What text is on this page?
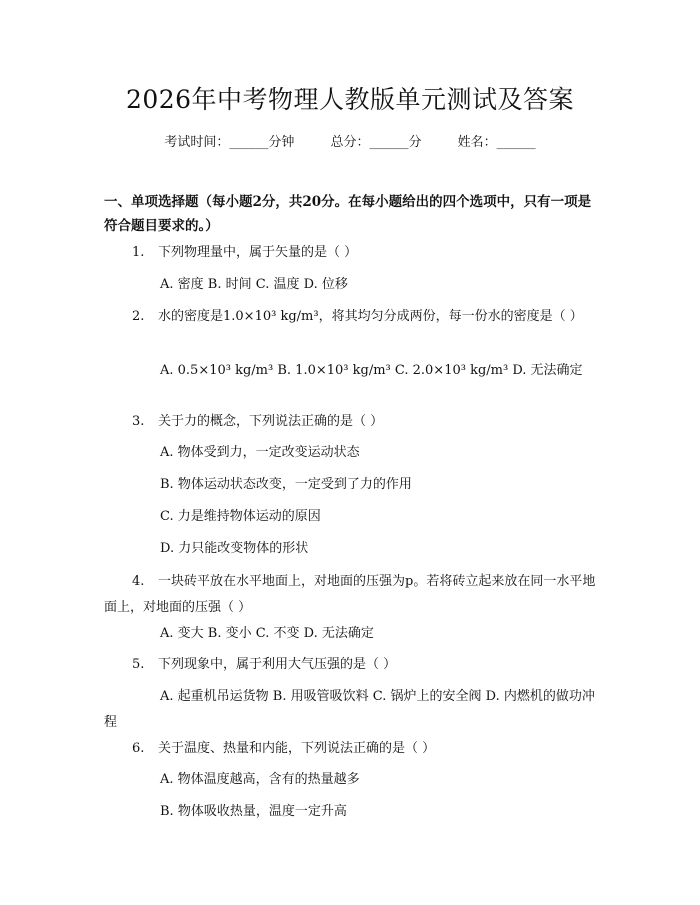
2026年中考物理人教版单元测试及答案
考试时间：______分钟	总分：______分	姓名：______
一、单项选择题（每小题2分，共20分。在每小题给出的四个选项中，只有一项是符合题目要求的。）
1. 下列物理量中，属于矢量的是（ ）
A. 密度 B. 时间 C. 温度 D. 位移
2. 水的密度是1.0×10³ kg/m³，将其均匀分成两份，每一份水的密度是（ ）
A. 0.5×10³ kg/m³ B. 1.0×10³ kg/m³ C. 2.0×10³ kg/m³ D. 无法确定
3. 关于力的概念，下列说法正确的是（ ）
A. 物体受到力，一定改变运动状态
B. 物体运动状态改变，一定受到了力的作用
C. 力是维持物体运动的原因
D. 力只能改变物体的形状
4. 一块砖平放在水平地面上，对地面的压强为p。若将砖立起来放在同一水平地面上，对地面的压强（ ）
A. 变大 B. 变小 C. 不变 D. 无法确定
5. 下列现象中，属于利用大气压强的是（ ）
A. 起重机吊运货物 B. 用吸管吸饮料 C. 锅炉上的安全阀 D. 内燃机的做功冲程
6. 关于温度、热量和内能，下列说法正确的是（ ）
A. 物体温度越高，含有的热量越多
B. 物体吸收热量，温度一定升高
